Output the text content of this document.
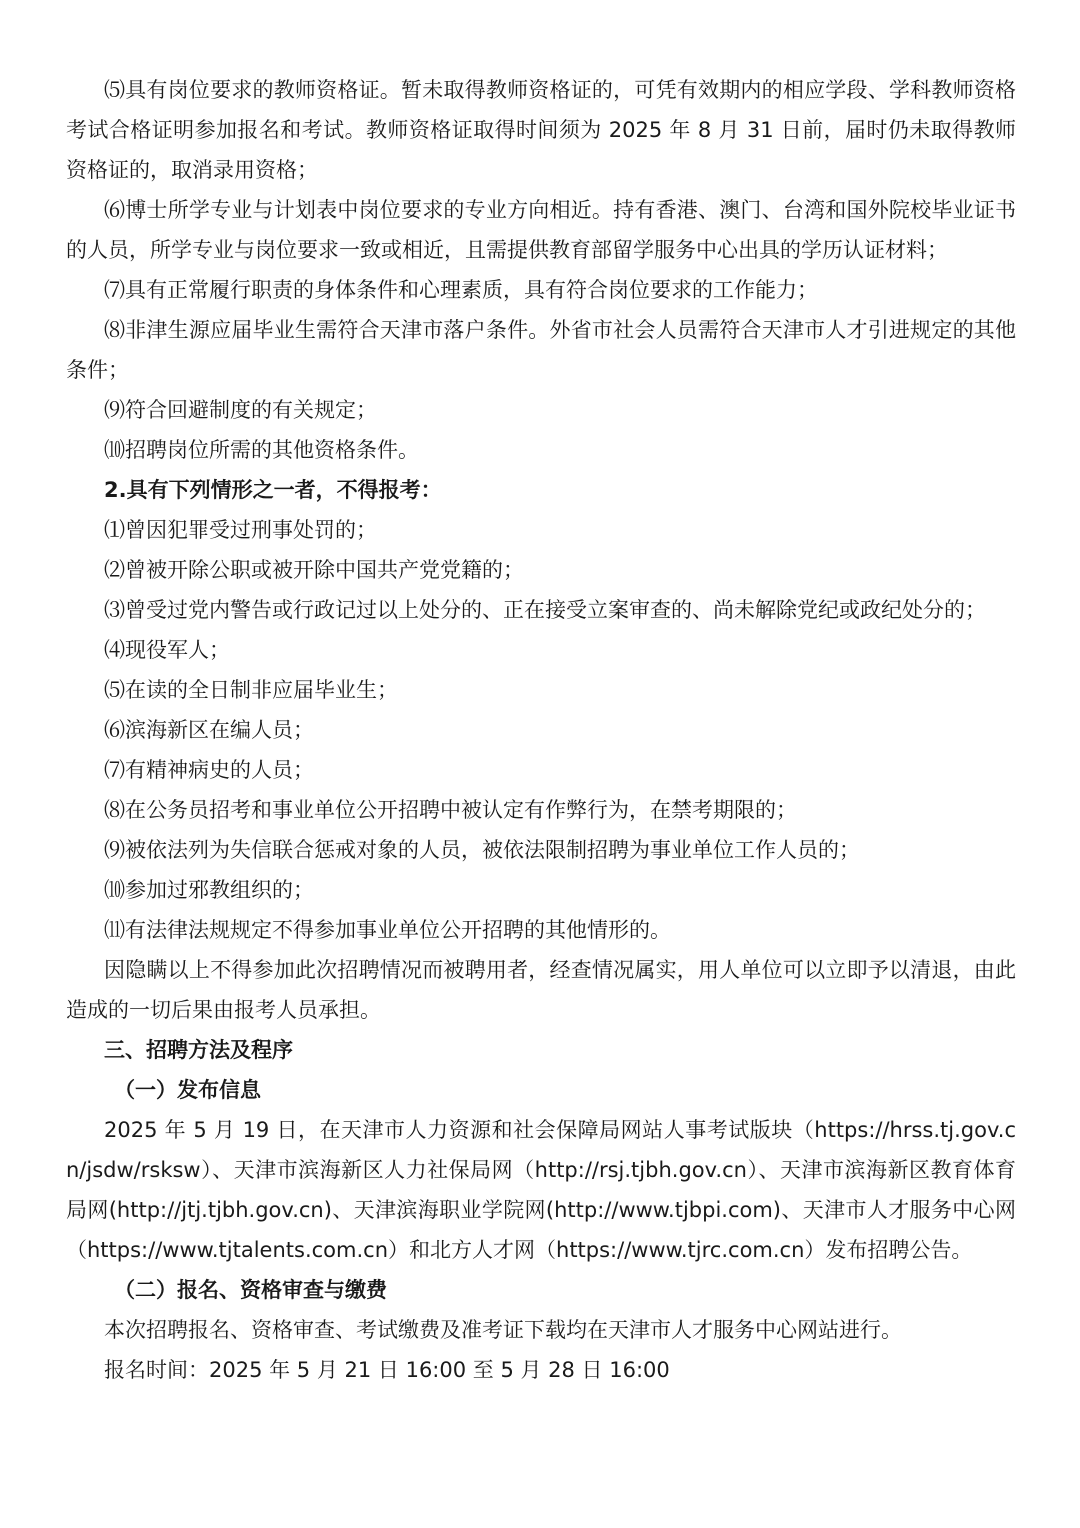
⑸具有岗位要求的教师资格证。暂未取得教师资格证的，可凭有效期内的相应学段、学科教师资格考试合格证明参加报名和考试。教师资格证取得时间须为 2025 年 8 月 31 日前，届时仍未取得教师资格证的，取消录用资格；

⑹博士所学专业与计划表中岗位要求的专业方向相近。持有香港、澳门、台湾和国外院校毕业证书的人员，所学专业与岗位要求一致或相近，且需提供教育部留学服务中心出具的学历认证材料；

⑺具有正常履行职责的身体条件和心理素质，具有符合岗位要求的工作能力；

⑻非津生源应届毕业生需符合天津市落户条件。外省市社会人员需符合天津市人才引进规定的其他条件；

⑼符合回避制度的有关规定；

⑽招聘岗位所需的其他资格条件。

2.具有下列情形之一者，不得报考：

⑴曾因犯罪受过刑事处罚的；

⑵曾被开除公职或被开除中国共产党党籍的；

⑶曾受过党内警告或行政记过以上处分的、正在接受立案审查的、尚未解除党纪或政纪处分的；

⑷现役军人；

⑸在读的全日制非应届毕业生；

⑹滨海新区在编人员；

⑺有精神病史的人员；

⑻在公务员招考和事业单位公开招聘中被认定有作弊行为，在禁考期限的；

⑼被依法列为失信联合惩戒对象的人员，被依法限制招聘为事业单位工作人员的；

⑽参加过邪教组织的；

⑾有法律法规规定不得参加事业单位公开招聘的其他情形的。

因隐瞒以上不得参加此次招聘情况而被聘用者，经查情况属实，用人单位可以立即予以清退，由此造成的一切后果由报考人员承担。

三、招聘方法及程序

（一）发布信息

2025 年 5 月 19 日，在天津市人力资源和社会保障局网站人事考试版块（https://hrss.tj.gov.cn/jsdw/rsksw）、天津市滨海新区人力社保局网（http://rsj.tjbh.gov.cn）、天津市滨海新区教育体育局网(http://jtj.tjbh.gov.cn)、天津滨海职业学院网(http://www.tjbpi.com)、天津市人才服务中心网（https://www.tjtalents.com.cn）和北方人才网（https://www.tjrc.com.cn）发布招聘公告。

（二）报名、资格审查与缴费

本次招聘报名、资格审查、考试缴费及准考证下载均在天津市人才服务中心网站进行。

报名时间：2025 年 5 月 21 日 16:00 至 5 月 28 日 16:00
